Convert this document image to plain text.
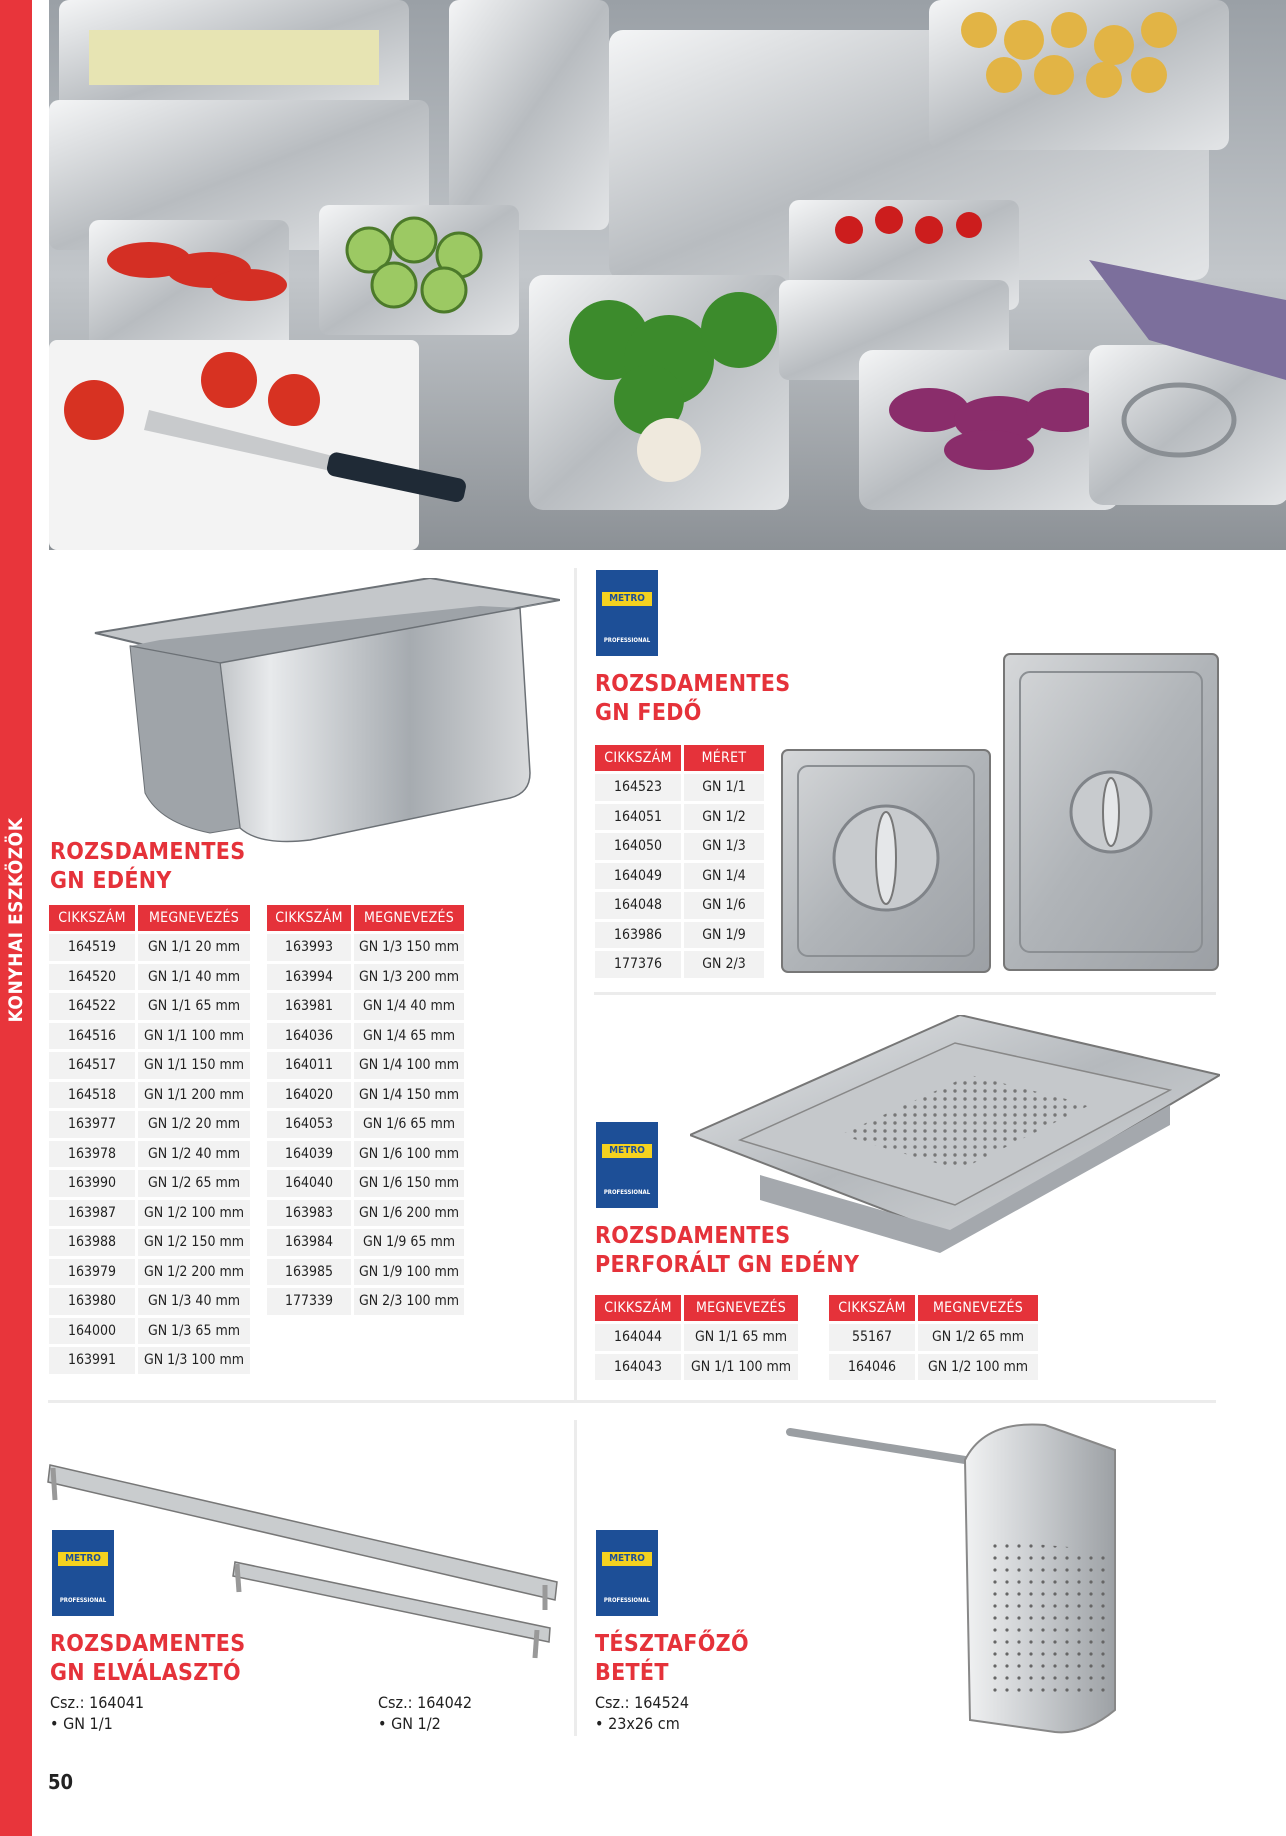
KONYHAI ESZKÖZÖK ROZSDAMENTES
GN EDÉNY
CIKKSZÁM	MEGNEVEZÉS
164519	GN 1/1 20 mm
164520	GN 1/1 40 mm
164522	GN 1/1 65 mm
164516	GN 1/1 100 mm
164517	GN 1/1 150 mm
164518	GN 1/1 200 mm
163977	GN 1/2 20 mm
163978	GN 1/2 40 mm
163990	GN 1/2 65 mm
163987	GN 1/2 100 mm
163988	GN 1/2 150 mm
163979	GN 1/2 200 mm
163980	GN 1/3 40 mm
164000	GN 1/3 65 mm
163991	GN 1/3 100 mm
CIKKSZÁM	MEGNEVEZÉS
163993	GN 1/3 150 mm
163994	GN 1/3 200 mm
163981	GN 1/4 40 mm
164036	GN 1/4 65 mm
164011	GN 1/4 100 mm
164020	GN 1/4 150 mm
164053	GN 1/6 65 mm
164039	GN 1/6 100 mm
164040	GN 1/6 150 mm
163983	GN 1/6 200 mm
163984	GN 1/9 65 mm
163985	GN 1/9 100 mm
177339	GN 2/3 100 mm
METRO
PROFESSIONAL
ROZSDAMENTES
GN FEDŐ
CIKKSZÁM	MÉRET
164523	GN 1/1
164051	GN 1/2
164050	GN 1/3
164049	GN 1/4
164048	GN 1/6
163986	GN 1/9
177376	GN 2/3
METRO
PROFESSIONAL
ROZSDAMENTES
PERFORÁLT GN EDÉNY
CIKKSZÁM	MEGNEVEZÉS
164044	GN 1/1 65 mm
164043	GN 1/1 100 mm
CIKKSZÁM	MEGNEVEZÉS
55167	GN 1/2 65 mm
164046	GN 1/2 100 mm
METRO
PROFESSIONAL
ROZSDAMENTES
GN ELVÁLASZTÓ
Csz.: 164041
• GN 1/1
Csz.: 164042
• GN 1/2
METRO
PROFESSIONAL
TÉSZTAFŐZŐ
BETÉT
Csz.: 164524
• 23x26 cm
50
